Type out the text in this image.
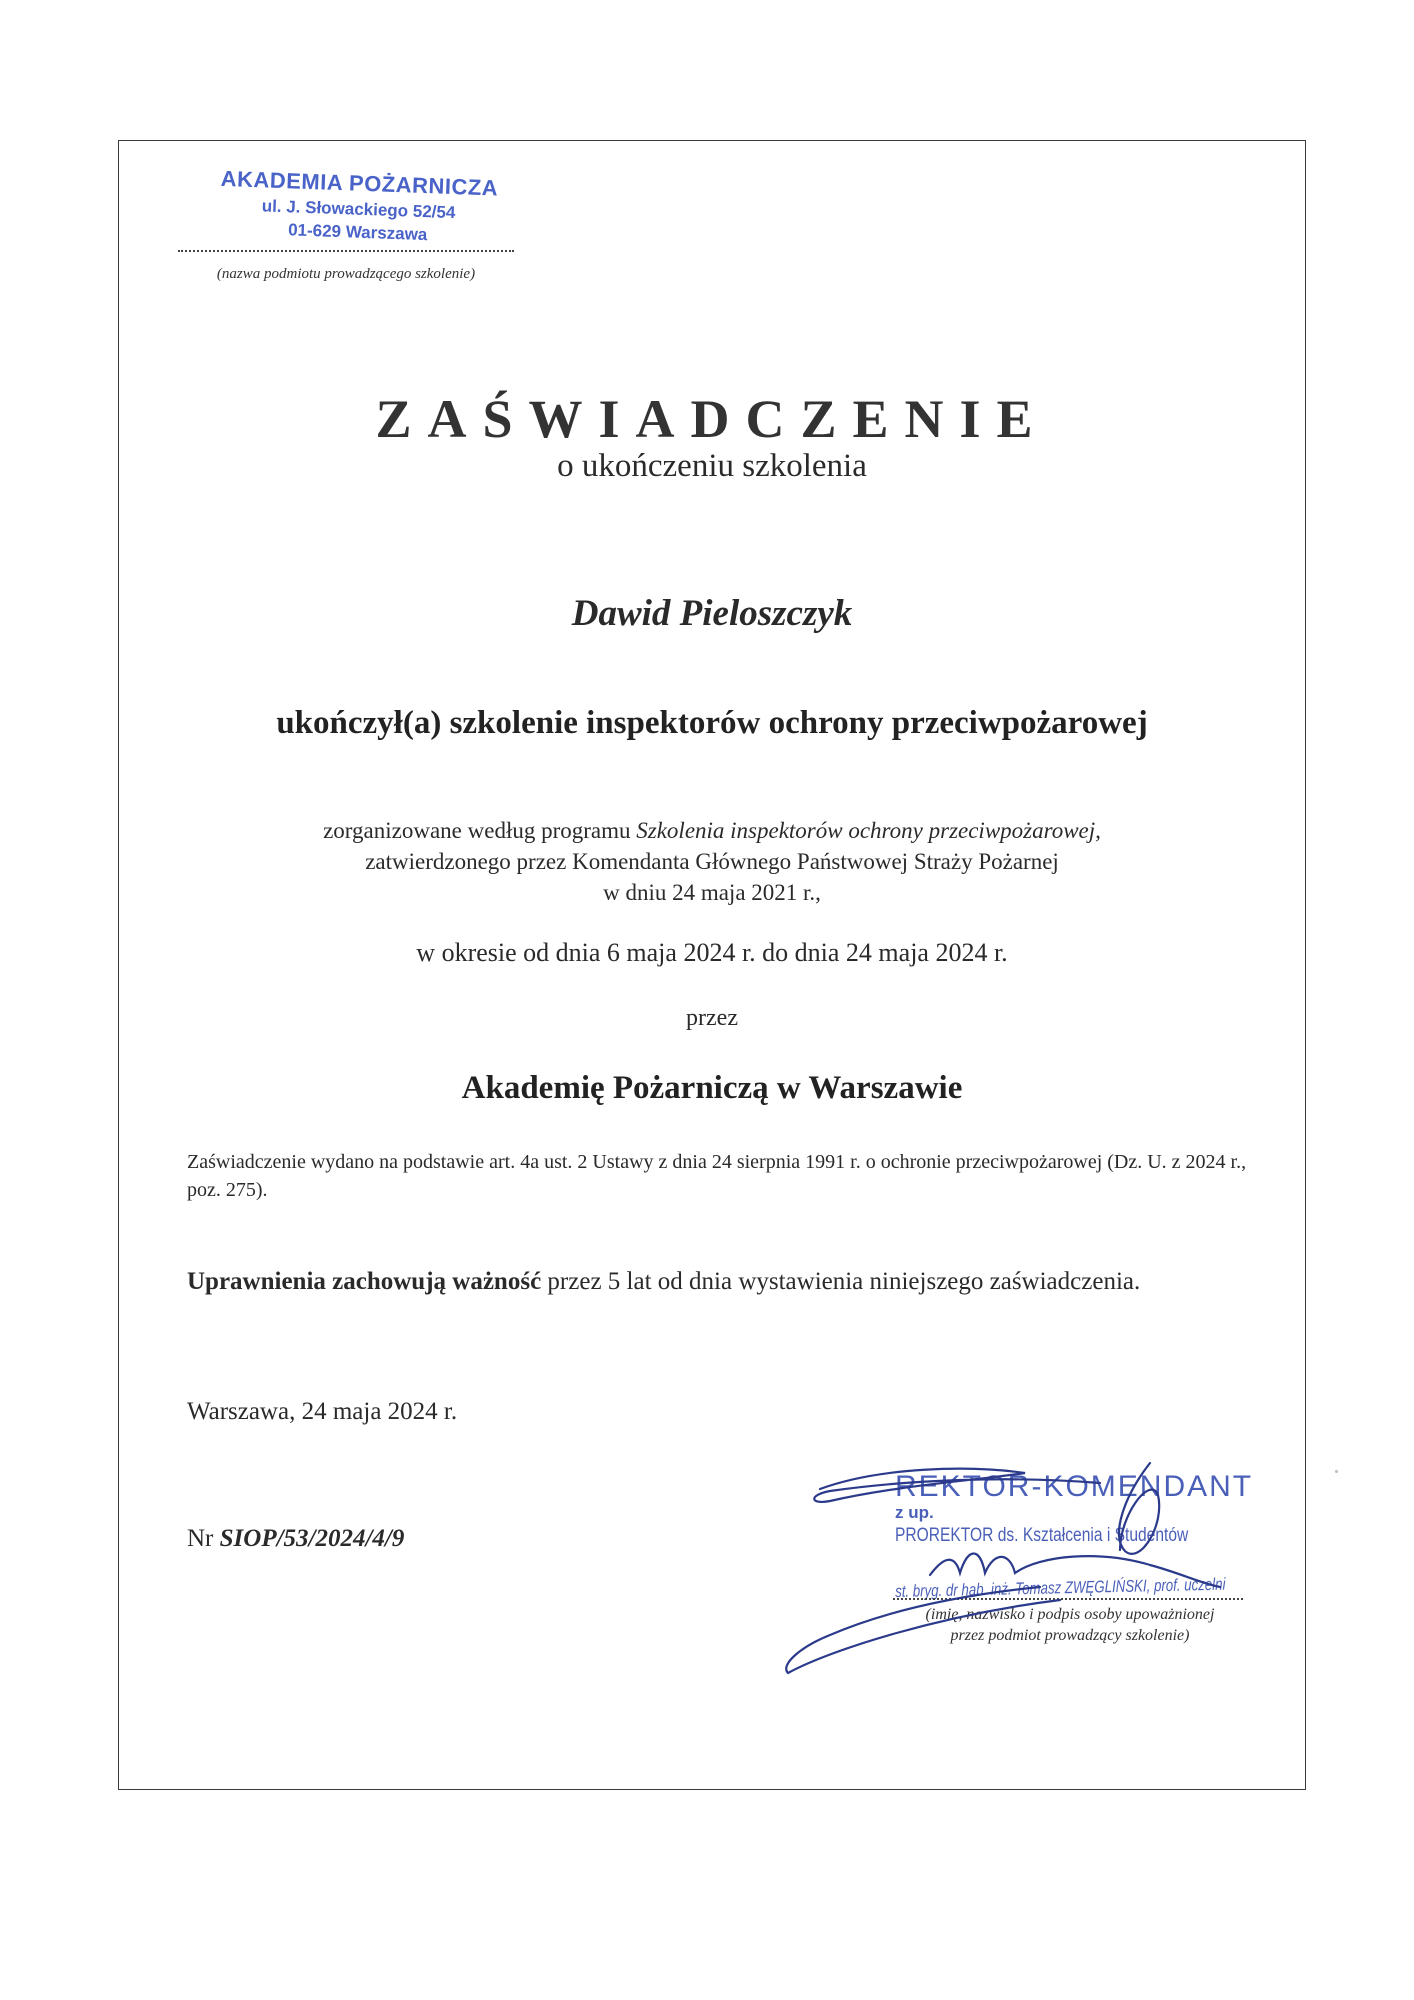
AKADEMIA POŻARNICZA
ul. J. Słowackiego 52/54
01-629 Warszawa
(nazwa podmiotu prowadzącego szkolenie)
ZAŚWIADCZENIE
o ukończeniu szkolenia
Dawid Pieloszczyk
ukończył(a) szkolenie inspektorów ochrony przeciwpożarowej
zorganizowane według programu Szkolenia inspektorów ochrony przeciwpożarowej,
zatwierdzonego przez Komendanta Głównego Państwowej Straży Pożarnej
w dniu 24 maja 2021 r.,
w okresie od dnia 6 maja 2024 r. do dnia 24 maja 2024 r.
przez
Akademię Pożarniczą w Warszawie
Zaświadczenie wydano na podstawie art. 4a ust. 2 Ustawy z dnia 24 sierpnia 1991 r. o ochronie przeciwpożarowej (Dz. U. z 2024 r., poz. 275).
Uprawnienia zachowują ważność przez 5 lat od dnia wystawienia niniejszego zaświadczenia.
Warszawa, 24 maja 2024 r.
Nr SIOP/53/2024/4/9
REKTOR-KOMENDANT
z up.
PROREKTOR ds. Kształcenia i Studentów
st. bryg. dr hab. inż. Tomasz ZWĘGLIŃSKI, prof. uczelni
(imię, nazwisko i podpis osoby upoważnionej
przez podmiot prowadzący szkolenie)
